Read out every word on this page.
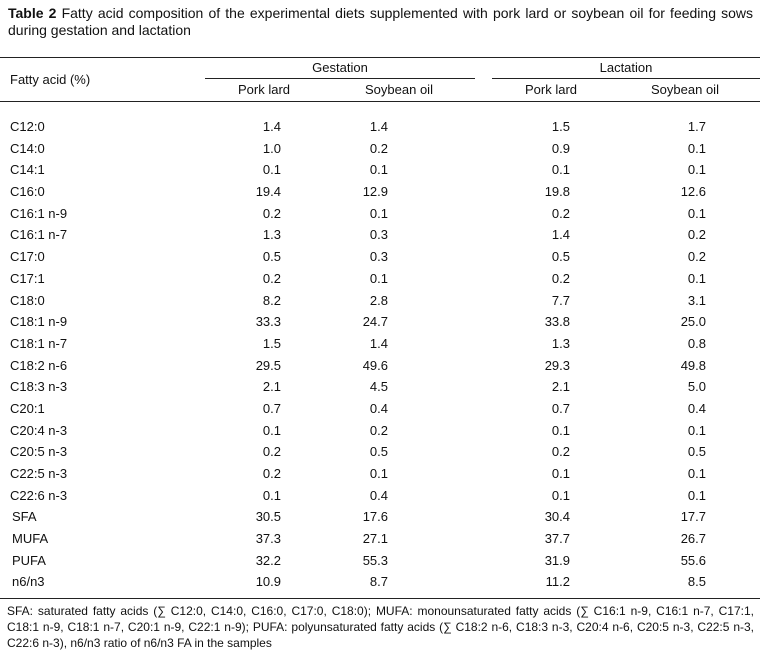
Table 2 Fatty acid composition of the experimental diets supplemented with pork lard or soybean oil for feeding sows during gestation and lactation
Fatty acid (%)
Gestation	Lactation
Pork lard	Soybean oil	Pork lard	Soybean oil
C12:0	1.4	1.4	1.5	1.7
C14:0	1.0	0.2	0.9	0.1
C14:1	0.1	0.1	0.1	0.1
C16:0	19.4	12.9	19.8	12.6
C16:1 n-9	0.2	0.1	0.2	0.1
C16:1 n-7	1.3	0.3	1.4	0.2
C17:0	0.5	0.3	0.5	0.2
C17:1	0.2	0.1	0.2	0.1
C18:0	8.2	2.8	7.7	3.1
C18:1 n-9	33.3	24.7	33.8	25.0
C18:1 n-7	1.5	1.4	1.3	0.8
C18:2 n-6	29.5	49.6	29.3	49.8
C18:3 n-3	2.1	4.5	2.1	5.0
C20:1	0.7	0.4	0.7	0.4
C20:4 n-3	0.1	0.2	0.1	0.1
C20:5 n-3	0.2	0.5	0.2	0.5
C22:5 n-3	0.2	0.1	0.1	0.1
C22:6 n-3	0.1	0.4	0.1	0.1
SFA	30.5	17.6	30.4	17.7
MUFA	37.3	27.1	37.7	26.7
PUFA	32.2	55.3	31.9	55.6
n6/n3	10.9	8.7	11.2	8.5
SFA: saturated fatty acids (∑ C12:0, C14:0, C16:0, C17:0, C18:0); MUFA: monounsaturated fatty acids (∑ C16:1 n-9, C16:1 n-7, C17:1, C18:1 n-9, C18:1 n-7, C20:1 n-9, C22:1 n-9); PUFA: polyunsaturated fatty acids (∑ C18:2 n-6, C18:3 n-3, C20:4 n-6, C20:5 n-3, C22:5 n-3, C22:6 n-3), n6/n3 ratio of n6/n3 FA in the samples
